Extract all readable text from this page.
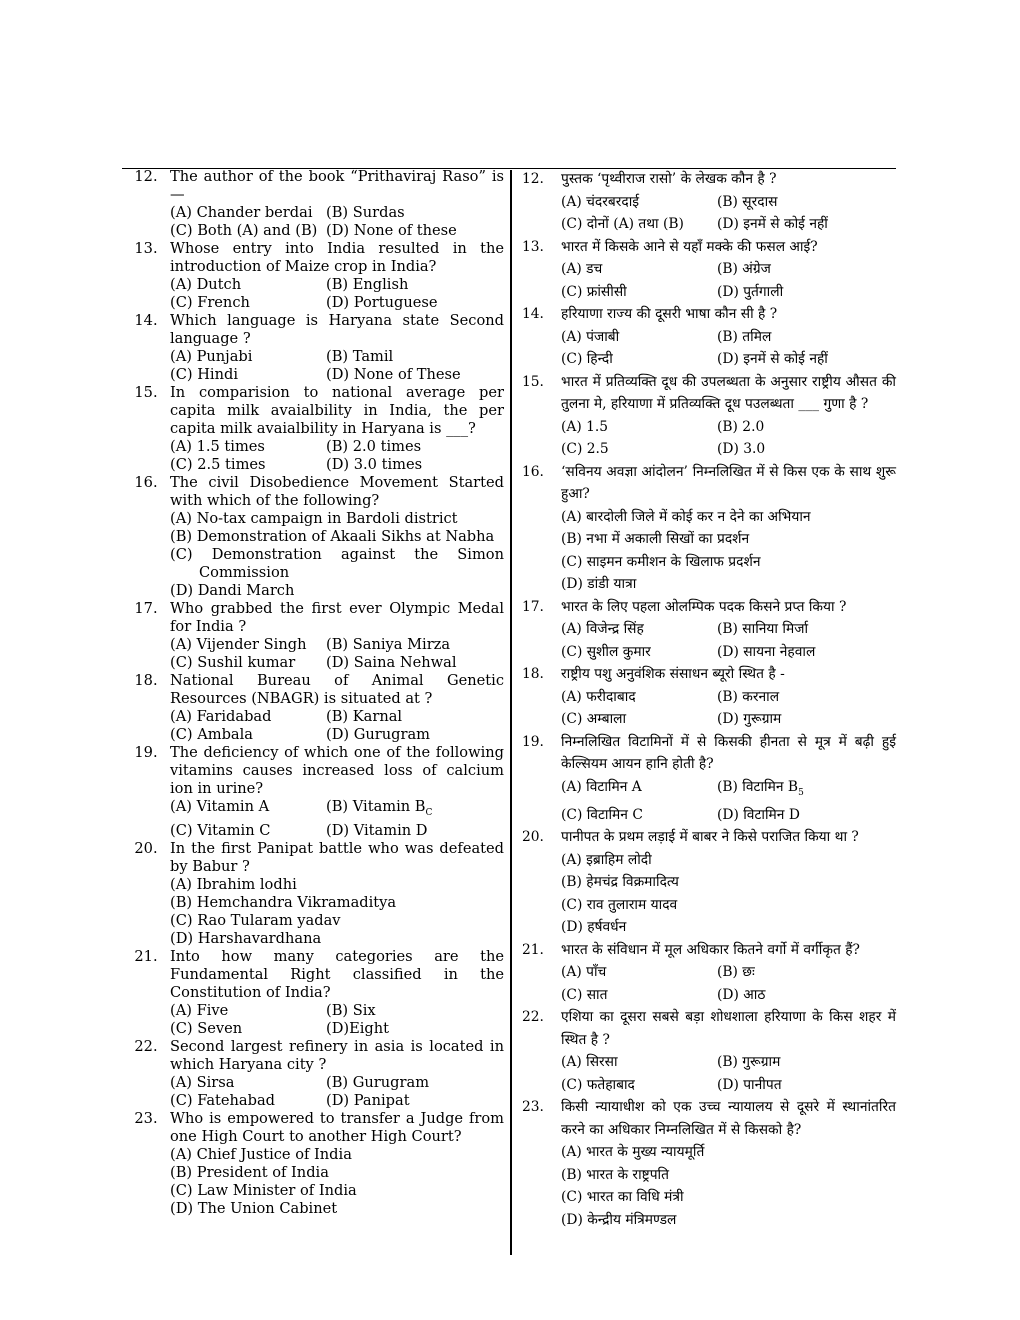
12. The author of the book “Prithaviraj Raso” is —
(A) Chander berdai (B) Surdas
(C) Both (A) and (B) (D) None of these
13. Whose entry into India resulted in the introduction of Maize crop in India?
(A) Dutch	(B) English
(C) French	(D) Portuguese
14. Which language is Haryana state Second language ?
(A) Punjabi	(B) Tamil
(C) Hindi	(D) None of These
15. In comparision to national average per capita milk avaialbility in India, the per capita milk avaialbility in Haryana is ___?
(A) 1.5 times	(B) 2.0 times
(C) 2.5 times	(D) 3.0 times
16. The civil Disobedience Movement Started with which of the following?
(A) No-tax campaign in Bardoli district
(B) Demonstration of Akaali Sikhs at Nabha
(C) Demonstration against the Simon Commission
(D) Dandi March
17. Who grabbed the first ever Olympic Medal for India ?
(A) Vijender Singh	(B) Saniya Mirza
(C) Sushil kumar	(D) Saina Nehwal
18. National Bureau of Animal Genetic Resources (NBAGR) is situated at ?
(A) Faridabad	(B) Karnal
(C) Ambala	(D) Gurugram
19. The deficiency of which one of the following vitamins causes increased loss of calcium ion in urine?
(A) Vitamin A	(B) Vitamin $B_C$
(C) Vitamin C	(D) Vitamin D
20. In the first Panipat battle who was defeated by Babur ?
(A) Ibrahim lodhi
(B) Hemchandra Vikramaditya
(C) Rao Tularam yadav
(D) Harshavardhana
21. Into how many categories are the Fundamental Right classified in the Constitution of India?
(A) Five	(B) Six
(C) Seven	(D)Eight
22. Second largest refinery in asia is located in which Haryana city ?
(A) Sirsa	(B) Gurugram
(C) Fatehabad	(D) Panipat
23. Who is empowered to transfer a Judge from one High Court to another High Court?
(A) Chief Justice of India
(B) President of India
(C) Law Minister of India
(D) The Union Cabinet
12.	पुस्तक ‘पृथ्वीराज रासो’ के लेखक कौन है ?
(A) चंदरबरदाई	(B) सूरदास
(C) दोनों (A) तथा (B)	(D) इनमें से कोई नहीं
13.	भारत में किसके आने से यहाँ मक्के की फसल आई?
(A) डच	(B) अंग्रेज
(C) फ्रांसीसी	(D) पुर्तगाली
14.	हरियाणा राज्य की दूसरी भाषा कौन सी है ?
(A) पंजाबी	(B) तमिल
(C) हिन्दी	(D) इनमें से कोई नहीं
15.	भारत में प्रतिव्यक्ति दूध की उपलब्धता के अनुसार राष्ट्रीय औसत की तुलना मे, हरियाणा में प्रतिव्यक्ति दूध पउलब्धता ___ गुणा है ?
(A) 1.5	(B) 2.0
(C) 2.5	(D) 3.0
16.	‘सविनय अवज्ञा आंदोलन’ निम्नलिखित में से किस एक के साथ शुरू हुआ?
(A) बारदोली जिले में कोई कर न देने का अभियान
(B) नभा में अकाली सिखों का प्रदर्शन
(C) साइमन कमीशन के खिलाफ प्रदर्शन
(D) डांडी यात्रा
17.	भारत के लिए पहला ओलम्पिक पदक किसने प्रप्त किया ?
(A) विजेन्द्र सिंह	(B) सानिया मिर्जा
(C) सुशील कुमार	(D) सायना नेहवाल
18.	राष्ट्रीय पशु अनुवंशिक संसाधन ब्यूरो स्थित है -
(A) फरीदाबाद	(B) करनाल
(C) अम्बाला	(D) गुरूग्राम
19.	निम्नलिखित विटामिनों में से किसकी हीनता से मूत्र में बढ़ी हुई केल्सियम आयन हानि होती है?
(A) विटामिन A	(B) विटामिन $B_5$
(C) विटामिन C	(D) विटामिन D
20.	पानीपत के प्रथम लड़ाई में बाबर ने किसे पराजित किया था ?
(A) इब्राहिम लोदी
(B) हेमचंद्र विक्रमादित्य
(C) राव तुलाराम यादव
(D) हर्षवर्धन
21.	भारत के संविधान में मूल अधिकार कितने वर्गो में वर्गीकृत हैं?
(A) पाँच	(B) छः
(C) सात	(D) आठ
22.	एशिया का दूसरा सबसे बड़ा शोधशाला हरियाणा के किस शहर में स्थित है ?
(A) सिरसा	(B) गुरूग्राम
(C) फतेहाबाद	(D) पानीपत
23.	किसी न्यायाधीश को एक उच्च न्यायालय से दूसरे में स्थानांतरित करने का अधिकार निम्नलिखित में से किसको है?
(A) भारत के मुख्य न्यायमूर्ति
(B) भारत के राष्ट्रपति
(C) भारत का विधि मंत्री
(D) केन्द्रीय मंत्रिमण्डल
